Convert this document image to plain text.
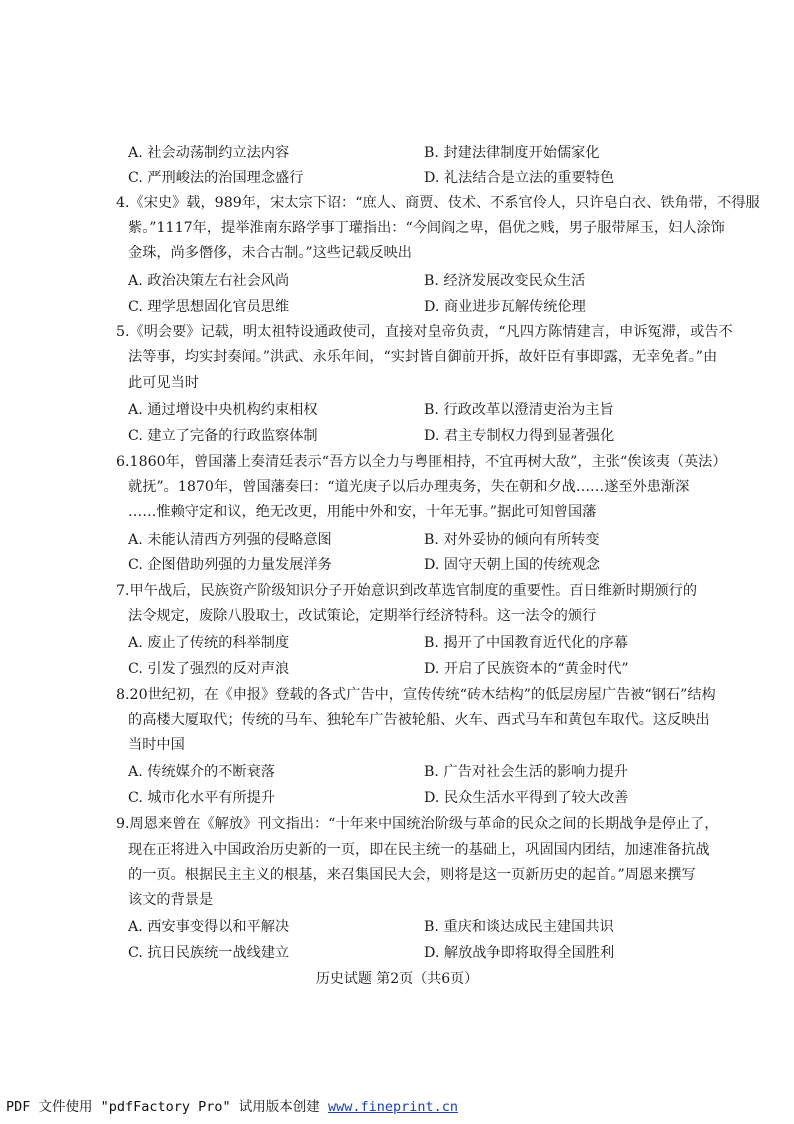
A. 社会动荡制约立法内容	B. 封建法律制度开始儒家化
C. 严刑峻法的治国理念盛行	D. 礼法结合是立法的重要特色
4.《宋史》载，989年，宋太宗下诏：“庶人、商贾、伎术、不系官伶人，只许皂白衣、铁角带，不得服
紫。”1117年，提举淮南东路学事丁瓘指出：“今闾阎之卑，倡优之贱，男子服带犀玉，妇人涂饰
金珠，尚多僭侈，未合古制。”这些记载反映出
A. 政治决策左右社会风尚	B. 经济发展改变民众生活
C. 理学思想固化官员思维	D. 商业进步瓦解传统伦理
5.《明会要》记载，明太祖特设通政使司，直接对皇帝负责，“凡四方陈情建言，申诉冤滞，或告不
法等事，均实封奏闻。”洪武、永乐年间，“实封皆自御前开拆，故奸臣有事即露，无幸免者。”由
此可见当时
A. 通过增设中央机构约束相权	B. 行政改革以澄清吏治为主旨
C. 建立了完备的行政监察体制	D. 君主专制权力得到显著强化
6.1860年，曾国藩上奏清廷表示“吾方以全力与粤匪相持，不宜再树大敌”，主张“俟该夷（英法）
就抚”。1870年，曾国藩奏曰：“道光庚子以后办理夷务，失在朝和夕战……遂至外患渐深
……惟赖守定和议，绝无改更，用能中外和安，十年无事。”据此可知曾国藩
A. 未能认清西方列强的侵略意图	B. 对外妥协的倾向有所转变
C. 企图借助列强的力量发展洋务	D. 固守天朝上国的传统观念
7.甲午战后，民族资产阶级知识分子开始意识到改革选官制度的重要性。百日维新时期颁行的
法令规定，废除八股取士，改试策论，定期举行经济特科。这一法令的颁行
A. 废止了传统的科举制度	B. 揭开了中国教育近代化的序幕
C. 引发了强烈的反对声浪	D. 开启了民族资本的“黄金时代”
8.20世纪初，在《申报》登载的各式广告中，宣传传统“砖木结构”的低层房屋广告被“钢石”结构
的高楼大厦取代；传统的马车、独轮车广告被轮船、火车、西式马车和黄包车取代。这反映出
当时中国
A. 传统媒介的不断衰落	B. 广告对社会生活的影响力提升
C. 城市化水平有所提升	D. 民众生活水平得到了较大改善
9.周恩来曾在《解放》刊文指出：“十年来中国统治阶级与革命的民众之间的长期战争是停止了，
现在正将进入中国政治历史新的一页，即在民主统一的基础上，巩固国内团结，加速准备抗战
的一页。根据民主主义的根基，来召集国民大会，则将是这一页新历史的起首。”周恩来撰写
该文的背景是
A. 西安事变得以和平解决	B. 重庆和谈达成民主建国共识
C. 抗日民族统一战线建立	D. 解放战争即将取得全国胜利
历史试题 第2页（共6页）
PDF 文件使用 "pdfFactory Pro" 试用版本创建 www.fineprint.cn
